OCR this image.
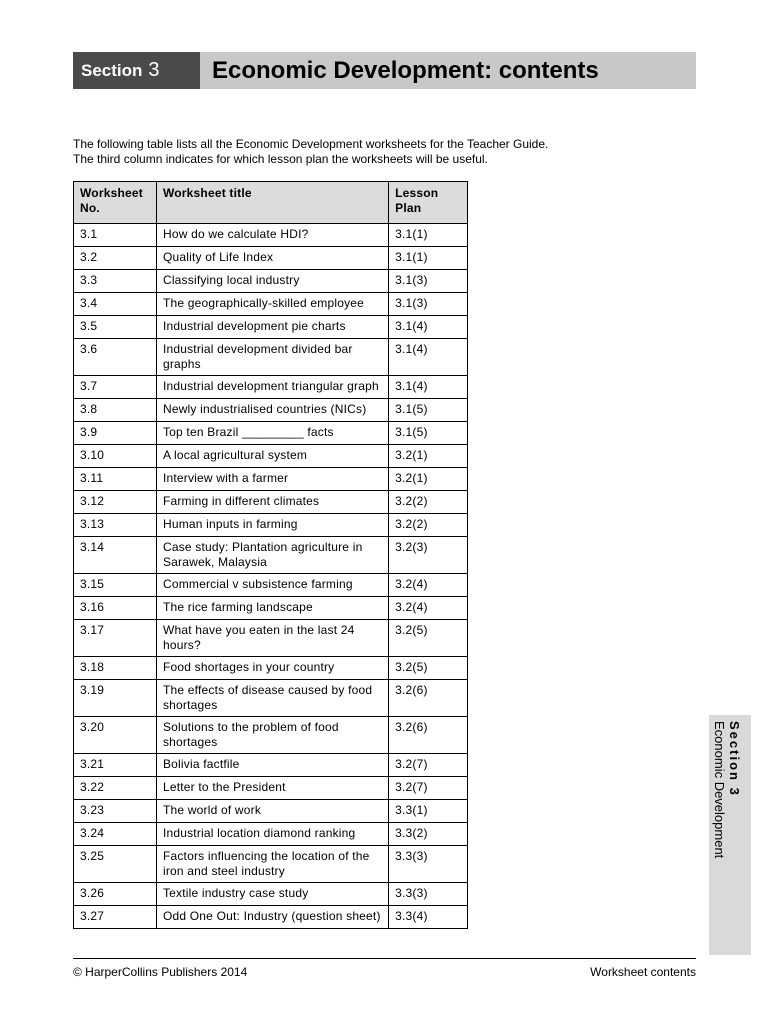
Section 3	Economic Development: contents

The following table lists all the Economic Development worksheets for the Teacher Guide.

The third column indicates for which lesson plan the worksheets will be useful.

Worksheet No.	Worksheet title	Lesson Plan
3.1	How do we calculate HDI?	3.1(1)
3.2	Quality of Life Index	3.1(1)
3.3	Classifying local industry	3.1(3)
3.4	The geographically-skilled employee	3.1(3)
3.5	Industrial development pie charts	3.1(4)
3.6	Industrial development divided bar graphs	3.1(4)
3.7	Industrial development triangular graph	3.1(4)
3.8	Newly industrialised countries (NICs)	3.1(5)
3.9	Top ten Brazil _________ facts	3.1(5)
3.10	A local agricultural system	3.2(1)
3.11	Interview with a farmer	3.2(1)
3.12	Farming in different climates	3.2(2)
3.13	Human inputs in farming	3.2(2)
3.14	Case study: Plantation agriculture in Sarawek, Malaysia	3.2(3)
3.15	Commercial v subsistence farming	3.2(4)
3.16	The rice farming landscape	3.2(4)
3.17	What have you eaten in the last 24 hours?	3.2(5)
3.18	Food shortages in your country	3.2(5)
3.19	The effects of disease caused by food shortages	3.2(6)
3.20	Solutions to the problem of food shortages	3.2(6)
3.21	Bolivia factfile	3.2(7)
3.22	Letter to the President	3.2(7)
3.23	The world of work	3.3(1)
3.24	Industrial location diamond ranking	3.3(2)
3.25	Factors influencing the location of the iron and steel industry	3.3(3)
3.26	Textile industry case study	3.3(3)
3.27	Odd One Out: Industry (question sheet)	3.3(4)
Section 3
Economic Development
© HarperCollins Publishers 2014	Worksheet contents
